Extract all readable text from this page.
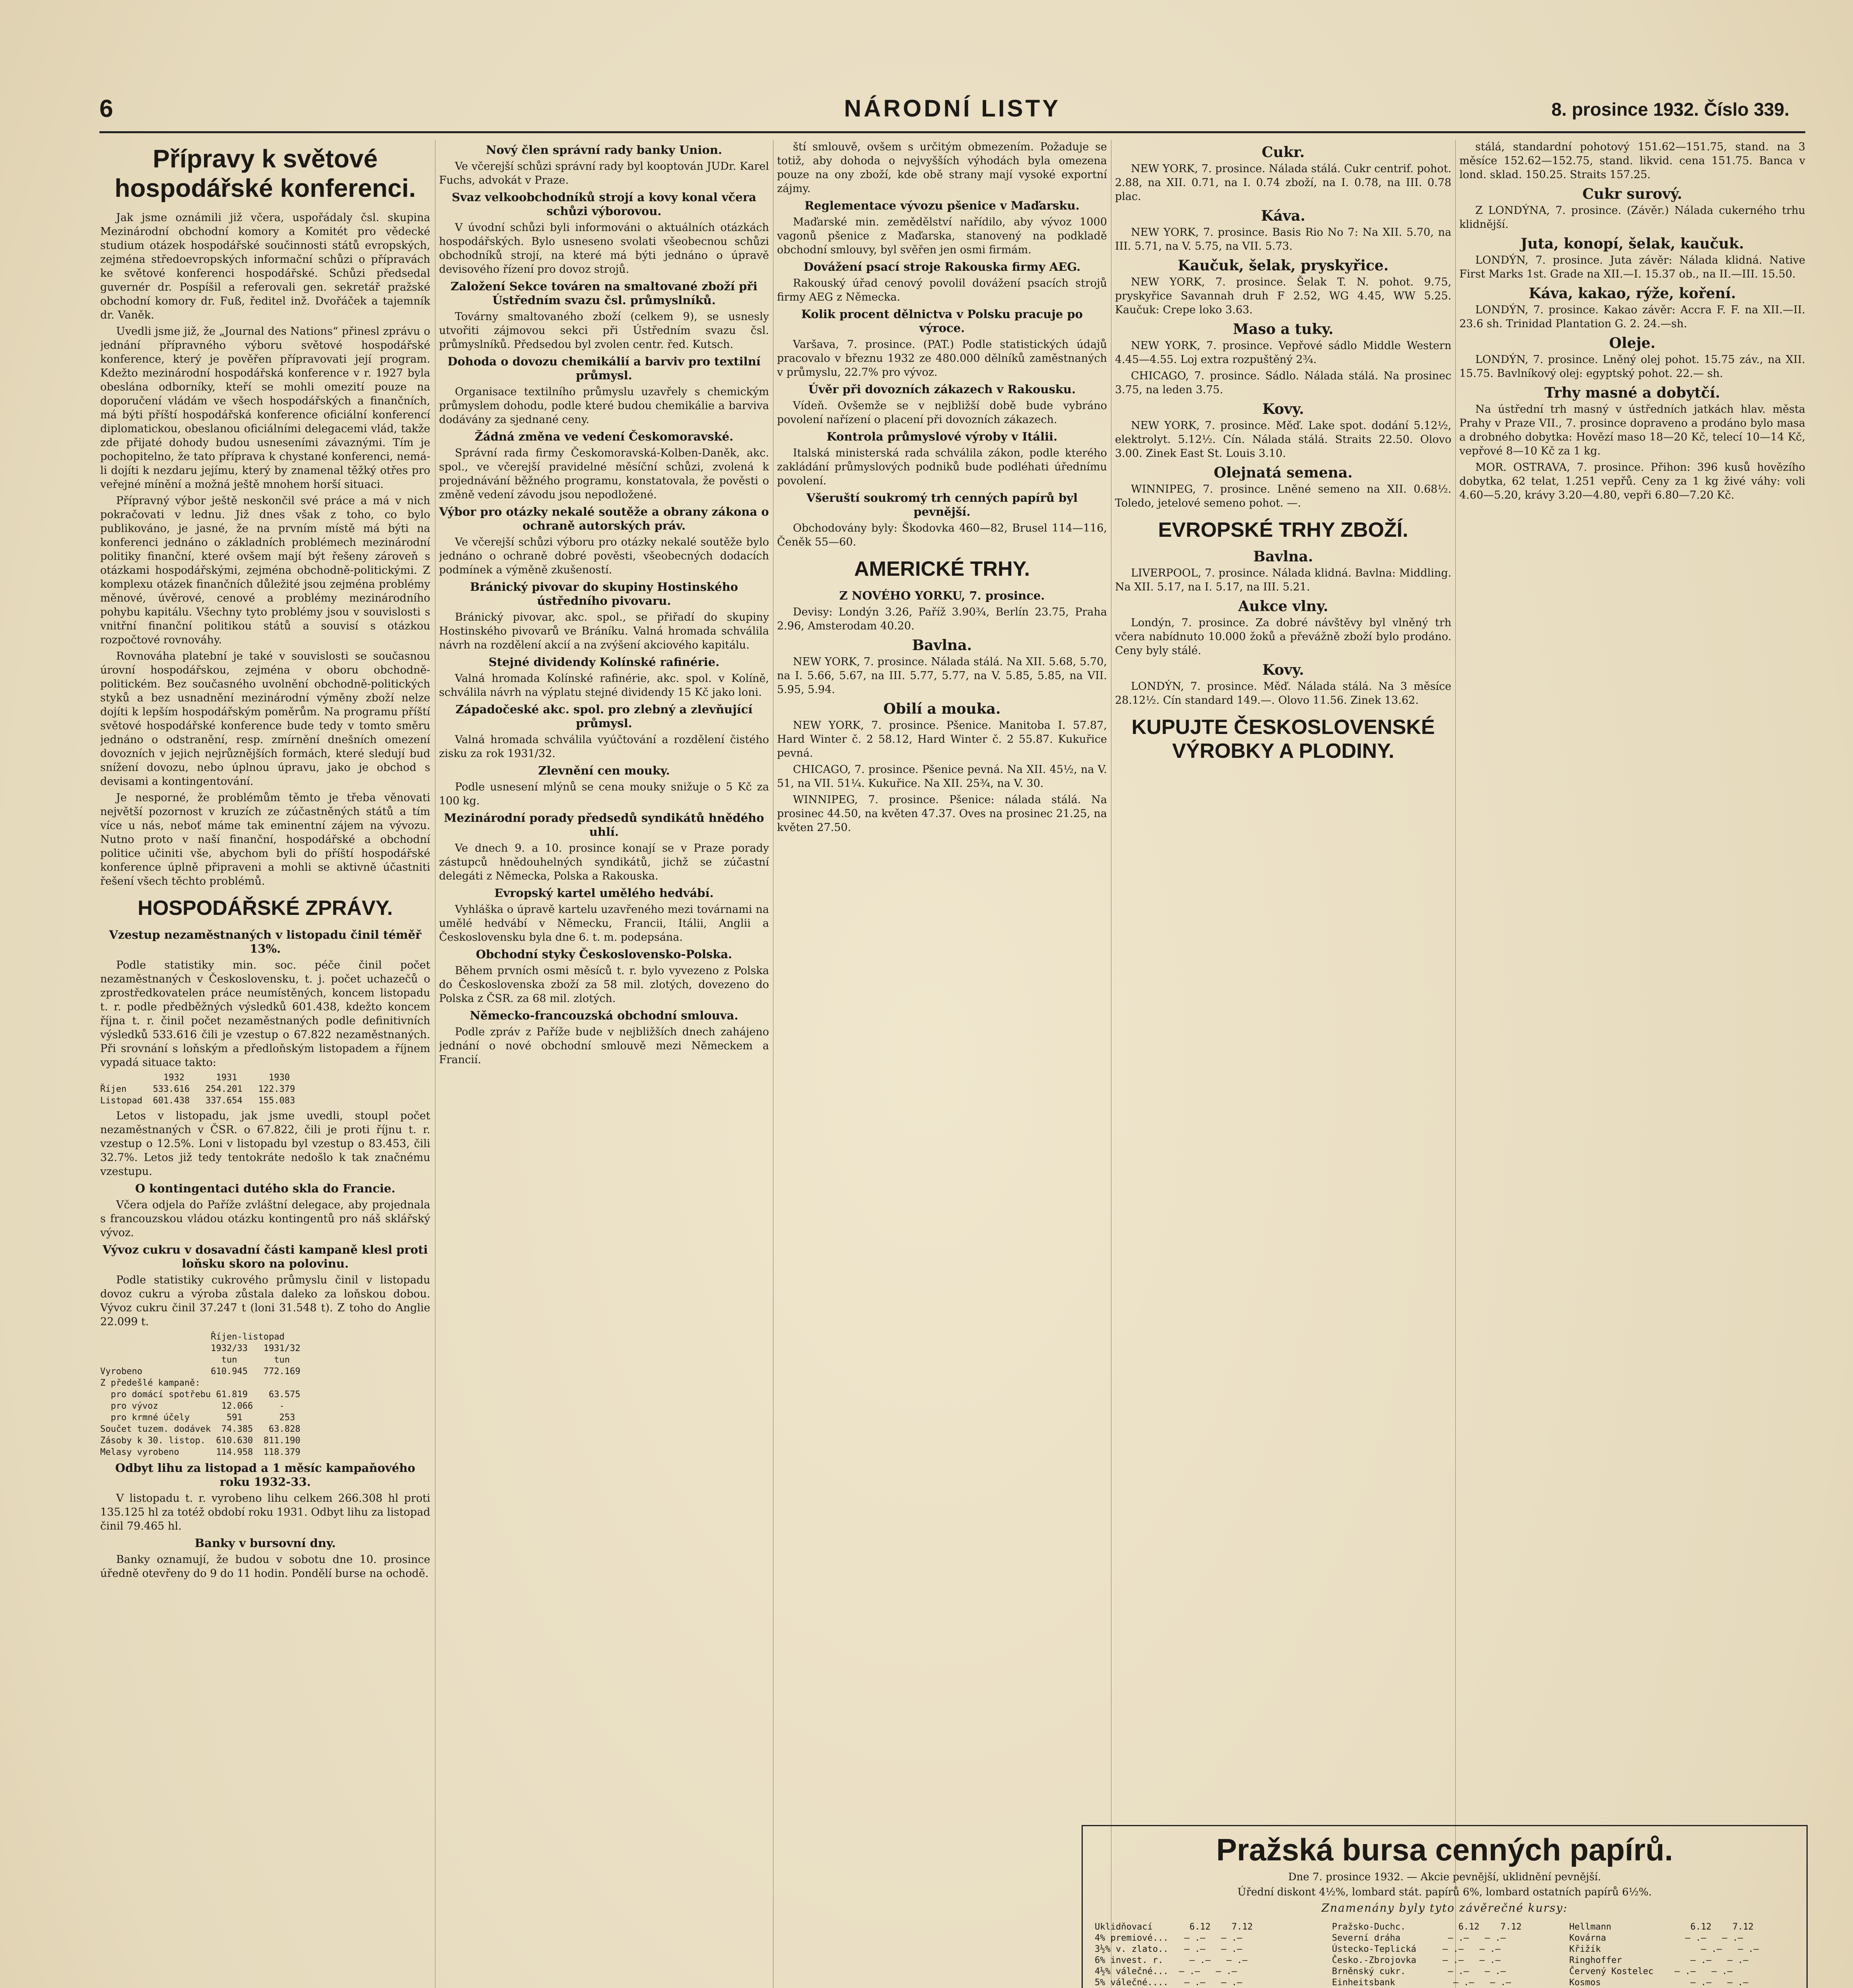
6	NÁRODNÍ LISTY	8. prosince 1932. Číslo 339.

Přípravy k světové hospodářské konferenci.

Jak jsme oznámili již včera, uspořádaly čsl. skupina Mezinárodní obchodní komory a Komitét pro vědecké studium otázek hospodářské součinnosti států evropských, zejména středoevropských informační schůzi o přípravách ke světové konferenci hospodářské. Schůzi předsedal guvernér dr. Pospíšil a referovali gen. sekretář pražské obchodní komory dr. Fuß, ředitel inž. Dvořáček a tajemník dr. Vaněk.

Uvedli jsme již, že „Journal des Nations“ přinesl zprávu o jednání přípravného výboru světové hospodářské konference, který je pověřen přípravovati její program. Kdežto mezinárodní hospodářská konference v r. 1927 byla obeslána odborníky, kteří se mohli omezití pouze na doporučení vládám ve všech hospodářských a finančních, má býti příští hospodářská konference oficiální konferencí diplomatickou, obeslanou oficiálními delegacemi vlád, takže zde přijaté dohody budou usneseními závaznými. Tím je pochopitelno, že tato příprava k chystané konferenci, nemá-li dojíti k nezdaru jejímu, který by znamenal těžký otřes pro veřejné mínění a možná ještě mnohem horší situaci.

Přípravný výbor ještě neskončil své práce a má v nich pokračovati v lednu. Již dnes však z toho, co bylo publikováno, je jasné, že na prvním místě má býti na konferenci jednáno o základních problémech mezinárodní politiky finanční, které ovšem mají být řešeny zároveň s otázkami hospodářskými, zejména obchodně-politickými. Z komplexu otázek finančních důležité jsou zejména problémy měnové, úvěrové, cenové a problémy mezinárodního pohybu kapitálu. Všechny tyto problémy jsou v souvislosti s vnitřní finanční politikou států a souvisí s otázkou rozpočtové rovnováhy.

Rovnováha platební je také v souvislosti se současnou úrovní hospodářskou, zejména v oboru obchodně-politickém. Bez současného uvolnění obchodně-politických styků a bez usnadnění mezinárodní výměny zboží nelze dojíti k lepším hospodářským poměrům. Na programu příští světové hospodářské konference bude tedy v tomto směru jednáno o odstranění, resp. zmírnění dnešních omezení dovozních v jejich nejrůznějších formách, které sledují buď snížení dovozu, nebo úplnou úpravu, jako je obchod s devisami a kontingentování.

Je nesporné, že problémům těmto je třeba věnovati největší pozornost v kruzích ze zúčastněných států a tím více u nás, neboť máme tak eminentní zájem na vývozu. Nutno proto v naší finanční, hospodářské a obchodní politice učiniti vše, abychom byli do příští hospodářské konference úplně připraveni a mohli se aktivně účastniti řešení všech těchto problémů.

HOSPODÁŘSKÉ ZPRÁVY.

Vzestup nezaměstnaných v listopadu činil téměř 13%.

Podle statistiky min. soc. péče činil počet nezaměstnaných v Československu, t. j. počet uchazečů o zprostředkovatelen práce neumístěných, koncem listopadu t. r. podle předběžných výsledků 601.438, kdežto koncem října t. r. činil počet nezaměstnaných podle definitivních výsledků 533.616 čili je vzestup o 67.822 nezaměstnaných. Při srovnání s loňským a předloňským listopadem a říjnem vypadá situace takto:

1932      1931      1930
Říjen     533.616   254.201   122.379
Listopad  601.438   337.654   155.083

Letos v listopadu, jak jsme uvedli, stoupl počet nezaměstnaných v ČSR. o 67.822, čili je proti říjnu t. r. vzestup o 12.5%. Loni v listopadu byl vzestup o 83.453, čili 32.7%. Letos již tedy tentokráte nedošlo k tak značnému vzestupu.

O kontingentaci dutého skla do Francie.

Včera odjela do Paříže zvláštní delegace, aby projednala s francouzskou vládou otázku kontingentů pro náš sklářský vývoz.

Vývoz cukru v dosavadní části kampaně klesl proti loňsku skoro na polovinu.

Podle statistiky cukrového průmyslu činil v listopadu dovoz cukru a výroba zůstala daleko za loňskou dobou. Vývoz cukru činil 37.247 t (loni 31.548 t). Z toho do Anglie 22.099 t.

Říjen-listopad
1932/33   1931/32
tun       tun
Vyrobeno             610.945   772.169
Z předešlé kampaně:
pro domácí spotřebu 61.819    63.575
pro vývoz            12.066     -
pro krmné účely       591       253
Součet tuzem. dodávek  74.385   63.828
Zásoby k 30. listop.  610.630  811.190
Melasy vyrobeno       114.958  118.379

Odbyt lihu za listopad a 1 měsíc kampaňového roku 1932-33.

V listopadu t. r. vyrobeno lihu celkem 266.308 hl proti 135.125 hl za totéž období roku 1931. Odbyt lihu za listopad činil 79.465 hl.

Banky v bursovní dny.

Banky oznamují, že budou v sobotu dne 10. prosince úředně otevřeny do 9 do 11 hodin. Pondělí burse na ochodě.

Nový člen správní rady banky Union.

Ve včerejší schůzi správní rady byl kooptován JUDr. Karel Fuchs, advokát v Praze.

Svaz velkoobchodníků strojí a kovy konal včera schůzi výborovou.

V úvodní schůzi byli informováni o aktuálních otázkách hospodářských. Bylo usneseno svolati všeobecnou schůzi obchodníků strojí, na které má býti jednáno o úpravě devisového řízení pro dovoz strojů.

Založení Sekce továren na smaltované zboží při Ústředním svazu čsl. průmyslníků.

Továrny smaltovaného zboží (celkem 9), se usnesly utvořiti zájmovou sekci při Ústředním svazu čsl. průmyslníků. Předsedou byl zvolen centr. řed. Kutsch.

Dohoda o dovozu chemikálií a barviv pro textilní průmysl.

Organisace textilního průmyslu uzavřely s chemickým průmyslem dohodu, podle které budou chemikálie a barviva dodávány za sjednané ceny.

Žádná změna ve vedení Českomoravské.

Správní rada firmy Českomoravská-Kolben-Daněk, akc. spol., ve včerejší pravidelné měsíční schůzi, zvolená k projednávání běžného programu, konstatovala, že pověsti o změně vedení závodu jsou nepodložené.

Výbor pro otázky nekalé soutěže a obrany zákona o ochraně autorských práv.

Ve včerejší schůzi výboru pro otázky nekalé soutěže bylo jednáno o ochraně dobré pověsti, všeobecných dodacích podmínek a výměně zkušeností.

Bránický pivovar do skupiny Hostinského ústředního pivovaru.

Bránický pivovar, akc. spol., se přiřadí do skupiny Hostinského pivovarů ve Bráníku. Valná hromada schválila návrh na rozdělení akcií a na zvýšení akciového kapitálu.

Stejné dividendy Kolínské rafinérie.

Valná hromada Kolínské rafinérie, akc. spol. v Kolíně, schválila návrh na výplatu stejné dividendy 15 Kč jako loni.

Západočeské akc. spol. pro zlebný a zlevňující průmysl.

Valná hromada schválila vyúčtování a rozdělení čistého zisku za rok 1931/32.

Zlevnění cen mouky.

Podle usnesení mlýnů se cena mouky snižuje o 5 Kč za 100 kg.

Mezinárodní porady předsedů syndikátů hnědého uhlí.

Ve dnech 9. a 10. prosince konají se v Praze porady zástupců hnědouhelných syndikátů, jichž se zúčastní delegáti z Německa, Polska a Rakouska.

Evropský kartel umělého hedvábí.

Vyhláška o úpravě kartelu uzavřeného mezi továrnami na umělé hedvábí v Německu, Francii, Itálii, Anglii a Československu byla dne 6. t. m. podepsána.

Obchodní styky Československo-Polska.

Během prvních osmi měsíců t. r. bylo vyvezeno z Polska do Československa zboží za 58 mil. zlotých, dovezeno do Polska z ČSR. za 68 mil. zlotých.

Německo-francouzská obchodní smlouva.

Podle zpráv z Paříže bude v nejbližších dnech zahájeno jednání o nové obchodní smlouvě mezi Německem a Francií.

ští smlouvě, ovšem s určitým obmezením. Požaduje se totiž, aby dohoda o nejvyšších výhodách byla omezena pouze na ony zboží, kde obě strany mají vysoké exportní zájmy.

Reglementace vývozu pšenice v Maďarsku.

Maďarské min. zemědělství nařídilo, aby vývoz 1000 vagonů pšenice z Maďarska, stanovený na podkladě obchodní smlouvy, byl svěřen jen osmi firmám.

Dovážení psací stroje Rakouska firmy AEG.

Rakouský úřad cenový povolil dovážení psacích strojů firmy AEG z Německa.

Kolik procent dělnictva v Polsku pracuje po výroce.

Varšava, 7. prosince. (PAT.) Podle statistických údajů pracovalo v březnu 1932 ze 480.000 dělníků zaměstnaných v průmyslu, 22.7% pro vývoz.

Úvěr při dovozních zákazech v Rakousku.

Vídeň. Ovšemže se v nejbližší době bude vybráno povolení nařízení o placení při dovozních zákazech.

Kontrola průmyslové výroby v Itálii.

Italská ministerská rada schválila zákon, podle kterého zakládání průmyslových podniků bude podléhati úřednímu povolení.

Všeruští soukromý trh cenných papírů byl pevnější.

Obchodovány byly: Škodovka 460—82, Brusel 114—116, Čeněk 55—60.

AMERICKÉ TRHY.

Z NOVÉHO YORKU, 7. prosince.

Devisy: Londýn 3.26, Paříž 3.90¾, Berlín 23.75, Praha 2.96, Amsterodam 40.20.

Bavlna.

NEW YORK, 7. prosince. Nálada stálá. Na XII. 5.68, 5.70, na I. 5.66, 5.67, na III. 5.77, 5.77, na V. 5.85, 5.85, na VII. 5.95, 5.94.

Obilí a mouka.

NEW YORK, 7. prosince. Pšenice. Manitoba I. 57.87, Hard Winter č. 2 58.12, Hard Winter č. 2 55.87. Kukuřice pevná.

CHICAGO, 7. prosince. Pšenice pevná. Na XII. 45½, na V. 51, na VII. 51¼. Kukuřice. Na XII. 25¾, na V. 30.

WINNIPEG, 7. prosince. Pšenice: nálada stálá. Na prosinec 44.50, na květen 47.37. Oves na prosinec 21.25, na květen 27.50.

Cukr.

NEW YORK, 7. prosince. Nálada stálá. Cukr centrif. pohot. 2.88, na XII. 0.71, na I. 0.74 zboží, na I. 0.78, na III. 0.78 plac.

Káva.

NEW YORK, 7. prosince. Basis Rio No 7: Na XII. 5.70, na III. 5.71, na V. 5.75, na VII. 5.73.

Kaučuk, šelak, pryskyřice.

NEW YORK, 7. prosince. Šelak T. N. pohot. 9.75, pryskyřice Savannah druh F 2.52, WG 4.45, WW 5.25. Kaučuk: Crepe loko 3.63.

Maso a tuky.

NEW YORK, 7. prosince. Vepřové sádlo Middle Western 4.45—4.55. Loj extra rozpuštěný 2¾.

CHICAGO, 7. prosince. Sádlo. Nálada stálá. Na prosinec 3.75, na leden 3.75.

Kovy.

NEW YORK, 7. prosince. Měď. Lake spot. dodání 5.12½, elektrolyt. 5.12½. Cín. Nálada stálá. Straits 22.50. Olovo 3.00. Zinek East St. Louis 3.10.

Olejnatá semena.

WINNIPEG, 7. prosince. Lněné semeno na XII. 0.68½. Toledo, jetelové semeno pohot. —.

EVROPSKÉ TRHY ZBOŽÍ.

Bavlna.

LIVERPOOL, 7. prosince. Nálada klidná. Bavlna: Middling. Na XII. 5.17, na I. 5.17, na III. 5.21.

Aukce vlny.

Londýn, 7. prosince. Za dobré návštěvy byl vlněný trh včera nabídnuto 10.000 žoků a převážně zboží bylo prodáno. Ceny byly stálé.

Kovy.

LONDÝN, 7. prosince. Měď. Nálada stálá. Na 3 měsíce 28.12½. Cín standard 149.—. Olovo 11.56. Zinek 13.62.

KUPUJTE ČESKOSLOVENSKÉ VÝROBKY A PLODINY.

stálá, standardní pohotový 151.62—151.75, stand. na 3 měsíce 152.62—152.75, stand. likvid. cena 151.75. Banca v lond. sklad. 150.25. Straits 157.25.

Cukr surový.

Z LONDÝNA, 7. prosince. (Závěr.) Nálada cukerného trhu klidnější.

Juta, konopí, šelak, kaučuk.

LONDÝN, 7. prosince. Juta závěr: Nálada klidná. Native First Marks 1st. Grade na XII.—I. 15.37 ob., na II.—III. 15.50.

Káva, kakao, rýže, koření.

LONDÝN, 7. prosince. Kakao závěr: Accra F. F. na XII.—II. 23.6 sh. Trinidad Plantation G. 2. 24.—sh.

Oleje.

LONDÝN, 7. prosince. Lněný olej pohot. 15.75 záv., na XII. 15.75. Bavlníkový olej: egyptský pohot. 22.— sh.

Trhy masné a dobytčí.

Na ústřední trh masný v ústředních jatkách hlav. města Prahy v Praze VII., 7. prosince dopraveno a prodáno bylo masa a drobného dobytka: Hovězí maso 18—20 Kč, telecí 10—14 Kč, vepřové 8—10 Kč za 1 kg.

MOR. OSTRAVA, 7. prosince. Přihon: 396 kusů hovězího dobytka, 62 telat, 1.251 vepřů. Ceny za 1 kg živé váhy: voli 4.60—5.20, krávy 3.20—4.80, vepři 6.80—7.20 Kč.

Pražská bursa cenných papírů.
Dne 7. prosince 1932. — Akcie pevnější, uklidnění pevnější.
Úřední diskont 4½%, lombard stát. papírů 6%, lombard ostatních papírů 6½%.
Znamenány byly tyto závěrečné kursy:
Uklidňovací       6.12    7.12
4% premiové...   — .—   — .—
3½% v. zlato..   — .—   — .—
6% invest. r.     — .—   — .—
4½% válečné...  — .—   — .—
5% válečné....   — .—   — .—

Pražsko-Duchc.          6.12    7.12
Severní dráha         — .—   — .—
Ústecko-Teplická     — .—   — .—
Česko.-Zbrojovka     — .—   — .—
Brněnský cukr.        — .—   — .—
Einheitsbank           — .—   — .—

Hellmann               6.12    7.12
Kovárna               — .—   — .—
Křižík                   — .—   — .—
Ringhoffer             — .—   — .—
Červený Kostelec    — .—   — .—
Kosmos                 — .—   — .—
